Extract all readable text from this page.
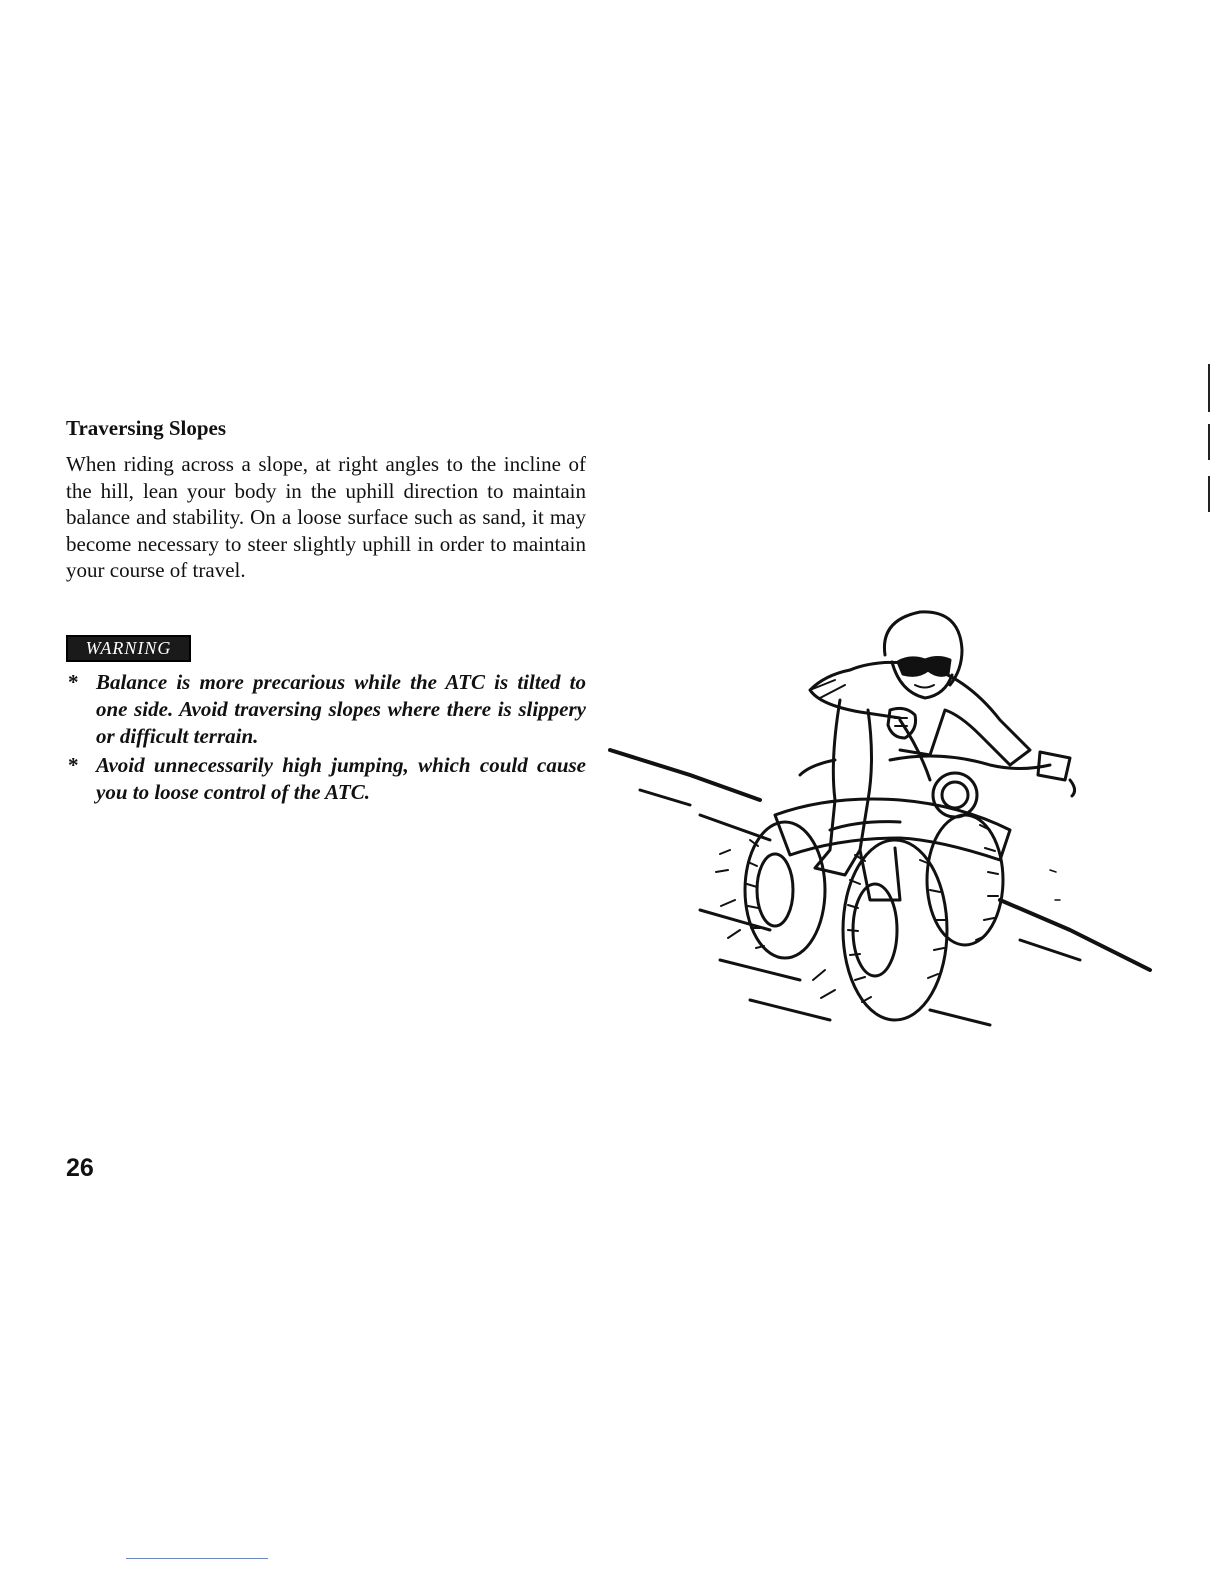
Traversing Slopes

When riding across a slope, at right angles to the incline of the hill, lean your body in the uphill direction to maintain balance and stability. On a loose surface such as sand, it may become necessary to steer slightly uphill in order to maintain your course of travel.

WARNING
* Balance is more precarious while the ATC is tilted to one side. Avoid traversing slopes where there is slippery or difficult terrain.
* Avoid unnecessarily high jumping, which could cause you to loose control of the ATC.
26
